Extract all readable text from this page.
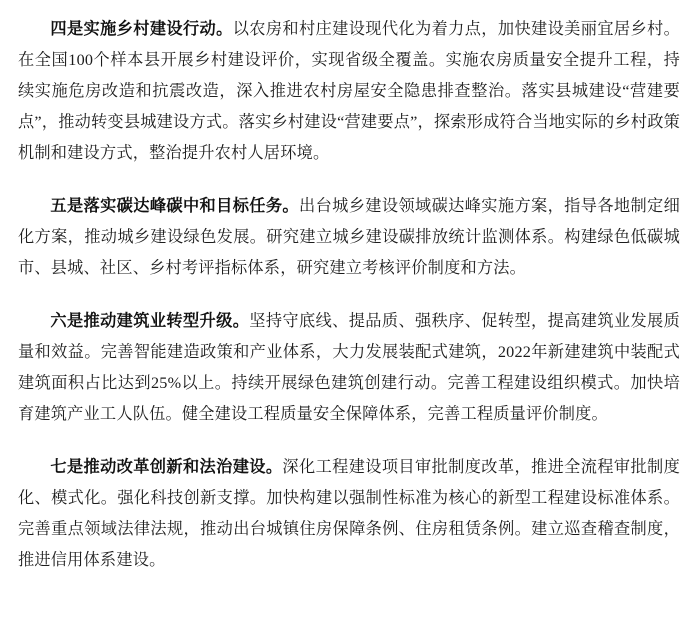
四是实施乡村建设行动。以农房和村庄建设现代化为着力点，加快建设美丽宜居乡村。在全国100个样本县开展乡村建设评价，实现省级全覆盖。实施农房质量安全提升工程，持续实施危房改造和抗震改造，深入推进农村房屋安全隐患排查整治。落实县城建设“营建要点”，推动转变县城建设方式。落实乡村建设“营建要点”，探索形成符合当地实际的乡村政策机制和建设方式，整治提升农村人居环境。

五是落实碳达峰碳中和目标任务。出台城乡建设领域碳达峰实施方案，指导各地制定细化方案，推动城乡建设绿色发展。研究建立城乡建设碳排放统计监测体系。构建绿色低碳城市、县城、社区、乡村考评指标体系，研究建立考核评价制度和方法。

六是推动建筑业转型升级。坚持守底线、提品质、强秩序、促转型，提高建筑业发展质量和效益。完善智能建造政策和产业体系，大力发展装配式建筑，2022年新建建筑中装配式建筑面积占比达到25%以上。持续开展绿色建筑创建行动。完善工程建设组织模式。加快培育建筑产业工人队伍。健全建设工程质量安全保障体系，完善工程质量评价制度。

七是推动改革创新和法治建设。深化工程建设项目审批制度改革，推进全流程审批制度化、模式化。强化科技创新支撑。加快构建以强制性标准为核心的新型工程建设标准体系。完善重点领域法律法规，推动出台城镇住房保障条例、住房租赁条例。建立巡查稽查制度，推进信用体系建设。
